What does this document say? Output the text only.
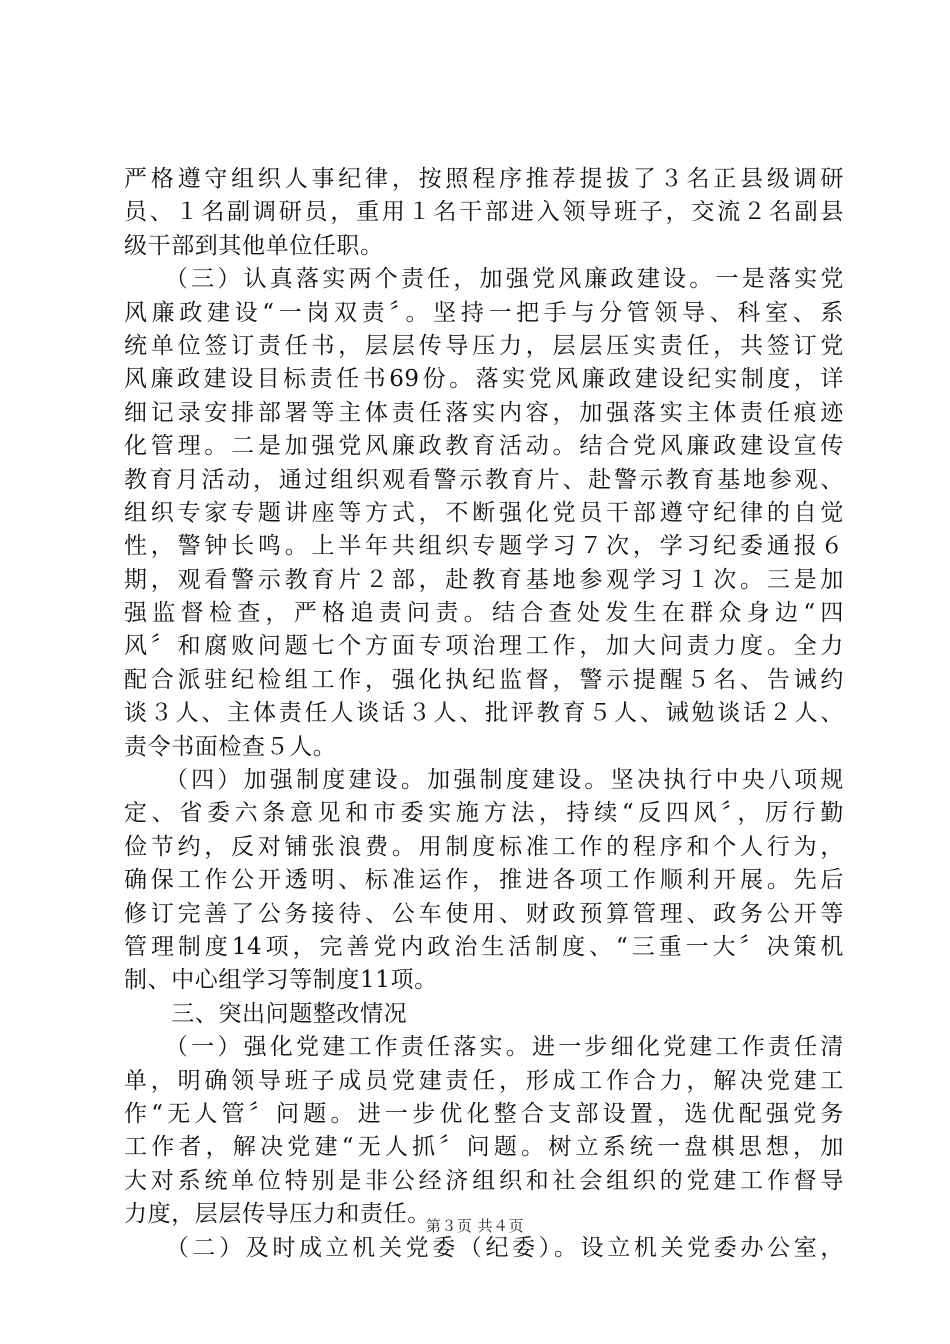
严格遵守组织人事纪律，按照程序推荐提拔了３名正县级调研
员、１名副调研员，重用１名干部进入领导班子，交流２名副县
级干部到其他单位任职。
　　（三）认真落实两个责任，加强党风廉政建设。一是落实党
风廉政建设“一岗双责〞。坚持一把手与分管领导、科室、系
统单位签订责任书，层层传导压力，层层压实责任，共签订党
风廉政建设目标责任书69份。落实党风廉政建设纪实制度，详
细记录安排部署等主体责任落实内容，加强落实主体责任痕迹
化管理。二是加强党风廉政教育活动。结合党风廉政建设宣传
教育月活动，通过组织观看警示教育片、赴警示教育基地参观、
组织专家专题讲座等方式，不断强化党员干部遵守纪律的自觉
性，警钟长鸣。上半年共组织专题学习７次，学习纪委通报６
期，观看警示教育片２部，赴教育基地参观学习１次。三是加
强监督检查，严格追责问责。结合查处发生在群众身边“四
风〞和腐败问题七个方面专项治理工作，加大问责力度。全力
配合派驻纪检组工作，强化执纪监督，警示提醒５名、告诫约
谈３人、主体责任人谈话３人、批评教育５人、诫勉谈话２人、
责令书面检查５人。
　　（四）加强制度建设。加强制度建设。坚决执行中央八项规
定、省委六条意见和市委实施方法，持续“反四风〞，厉行勤
俭节约，反对铺张浪费。用制度标准工作的程序和个人行为，
确保工作公开透明、标准运作，推进各项工作顺利开展。先后
修订完善了公务接待、公车使用、财政预算管理、政务公开等
管理制度14项，完善党内政治生活制度、“三重一大〞决策机
制、中心组学习等制度11项。
　　三、突出问题整改情况
　　（一）强化党建工作责任落实。进一步细化党建工作责任清
单，明确领导班子成员党建责任，形成工作合力，解决党建工
作“无人管〞问题。进一步优化整合支部设置，选优配强党务
工作者，解决党建“无人抓〞问题。树立系统一盘棋思想，加
大对系统单位特别是非公经济组织和社会组织的党建工作督导
力度，层层传导压力和责任。
　　（二）及时成立机关党委（纪委）。设立机关党委办公室，
第３页 共４页
